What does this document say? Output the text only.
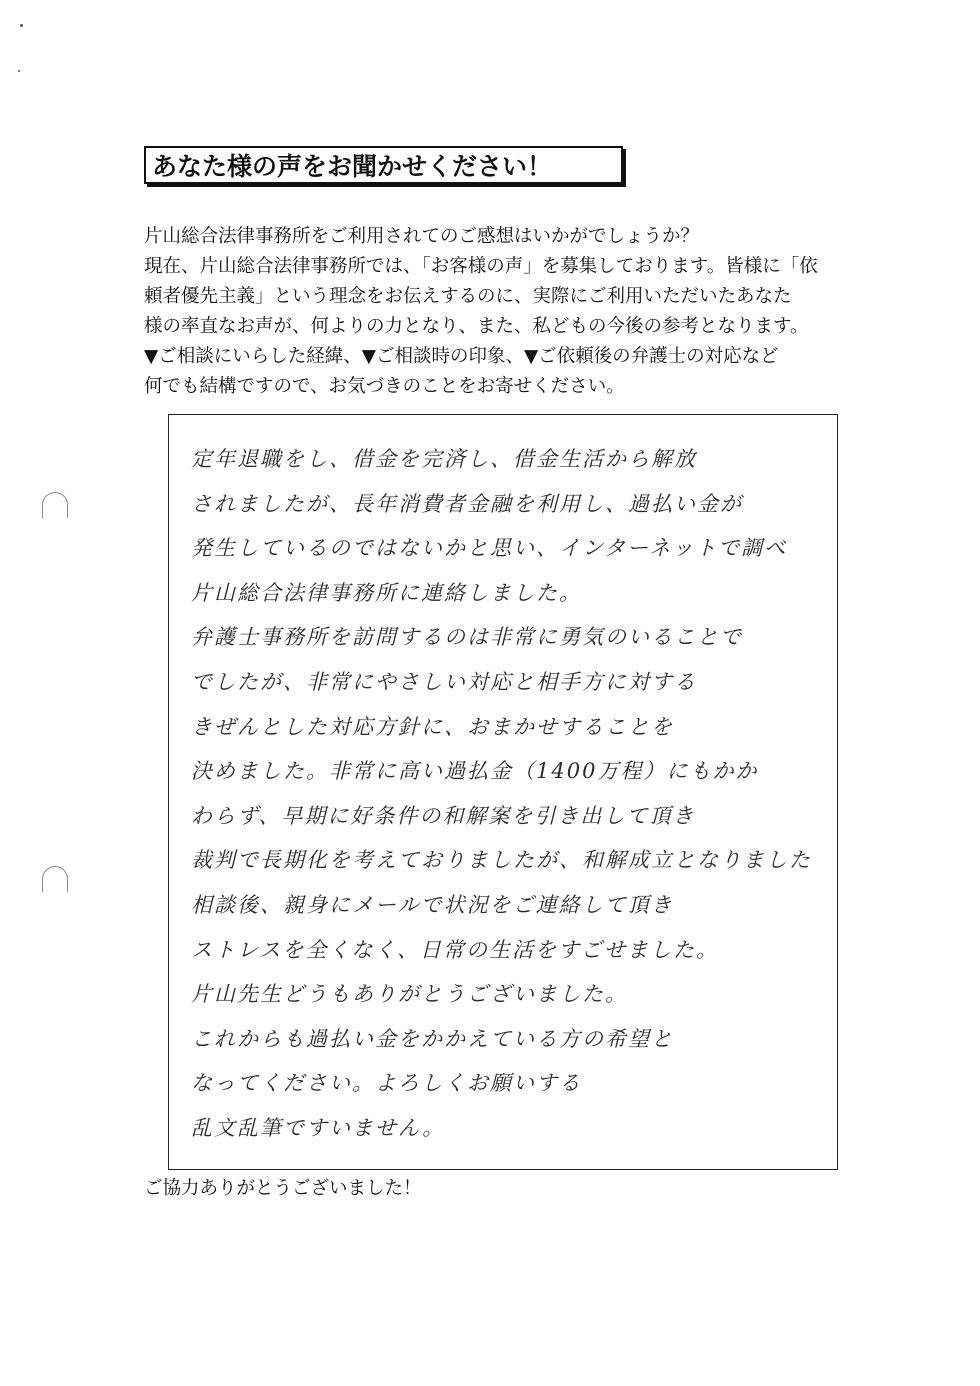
あなた様の声をお聞かせください！
片山総合法律事務所をご利用されてのご感想はいかがでしょうか？
現在、片山総合法律事務所では、「お客様の声」を募集しております。皆様に「依
頼者優先主義」という理念をお伝えするのに、実際にご利用いただいたあなた
様の率直なお声が、何よりの力となり、また、私どもの今後の参考となります。
▼ご相談にいらした経緯、▼ご相談時の印象、▼ご依頼後の弁護士の対応など
何でも結構ですので、お気づきのことをお寄せください。
定年退職をし、借金を完済し、借金生活から解放
されましたが、長年消費者金融を利用し、過払い金が
発生しているのではないかと思い、インターネットで調べ
片山総合法律事務所に連絡しました。
弁護士事務所を訪問するのは非常に勇気のいることで
でしたが、非常にやさしい対応と相手方に対する
きぜんとした対応方針に、おまかせすることを
決めました。非常に高い過払金（1400万程）にもかか
わらず、早期に好条件の和解案を引き出して頂き
裁判で長期化を考えておりましたが、和解成立となりました
相談後、親身にメールで状況をご連絡して頂き
ストレスを全くなく、日常の生活をすごせました。
片山先生どうもありがとうございました。
これからも過払い金をかかえている方の希望と
なってください。よろしくお願いする
乱文乱筆ですいません。
ご協力ありがとうございました！
